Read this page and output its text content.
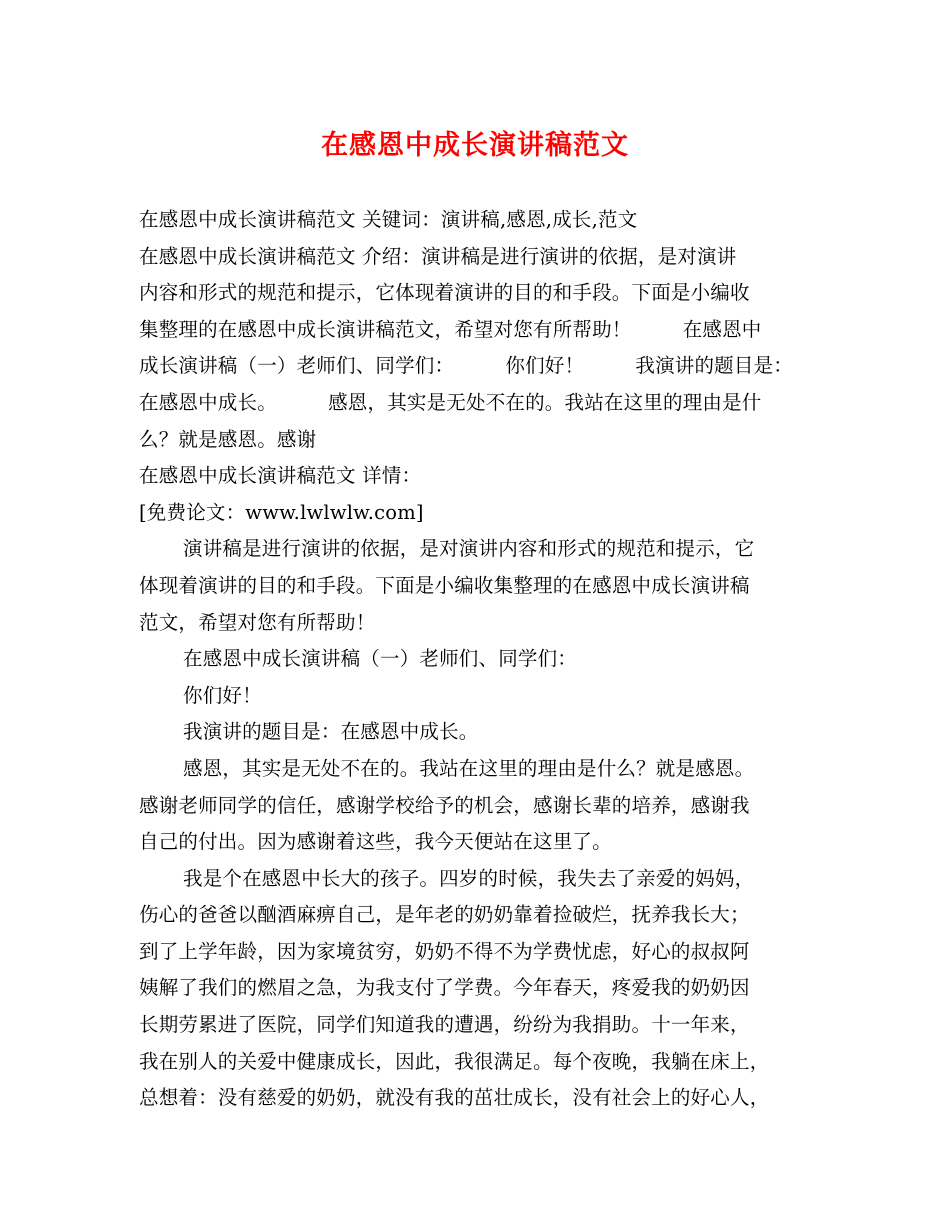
在感恩中成长演讲稿范文
在感恩中成长演讲稿范文 关键词：演讲稿,感恩,成长,范文
在感恩中成长演讲稿范文 介绍：演讲稿是进行演讲的依据，是对演讲
内容和形式的规范和提示，它体现着演讲的目的和手段。下面是小编收
集整理的在感恩中成长演讲稿范文，希望对您有所帮助！        在感恩中
成长演讲稿（一）老师们、同学们：        你们好！        我演讲的题目是：
在感恩中成长。        感恩，其实是无处不在的。我站在这里的理由是什
么？就是感恩。感谢
在感恩中成长演讲稿范文 详情：
[免费论文：www.lwlwlw.com]
演讲稿是进行演讲的依据，是对演讲内容和形式的规范和提示，它
体现着演讲的目的和手段。下面是小编收集整理的在感恩中成长演讲稿
范文，希望对您有所帮助！
在感恩中成长演讲稿（一）老师们、同学们：
你们好！
我演讲的题目是：在感恩中成长。
感恩，其实是无处不在的。我站在这里的理由是什么？就是感恩。
感谢老师同学的信任，感谢学校给予的机会，感谢长辈的培养，感谢我
自己的付出。因为感谢着这些，我今天便站在这里了。
我是个在感恩中长大的孩子。四岁的时候，我失去了亲爱的妈妈，
伤心的爸爸以酗酒麻痹自己，是年老的奶奶靠着捡破烂，抚养我长大；
到了上学年龄，因为家境贫穷，奶奶不得不为学费忧虑，好心的叔叔阿
姨解了我们的燃眉之急，为我支付了学费。今年春天，疼爱我的奶奶因
长期劳累进了医院，同学们知道我的遭遇，纷纷为我捐助。十一年来，
我在别人的关爱中健康成长，因此，我很满足。每个夜晚，我躺在床上，
总想着：没有慈爱的奶奶，就没有我的茁壮成长，没有社会上的好心人，
